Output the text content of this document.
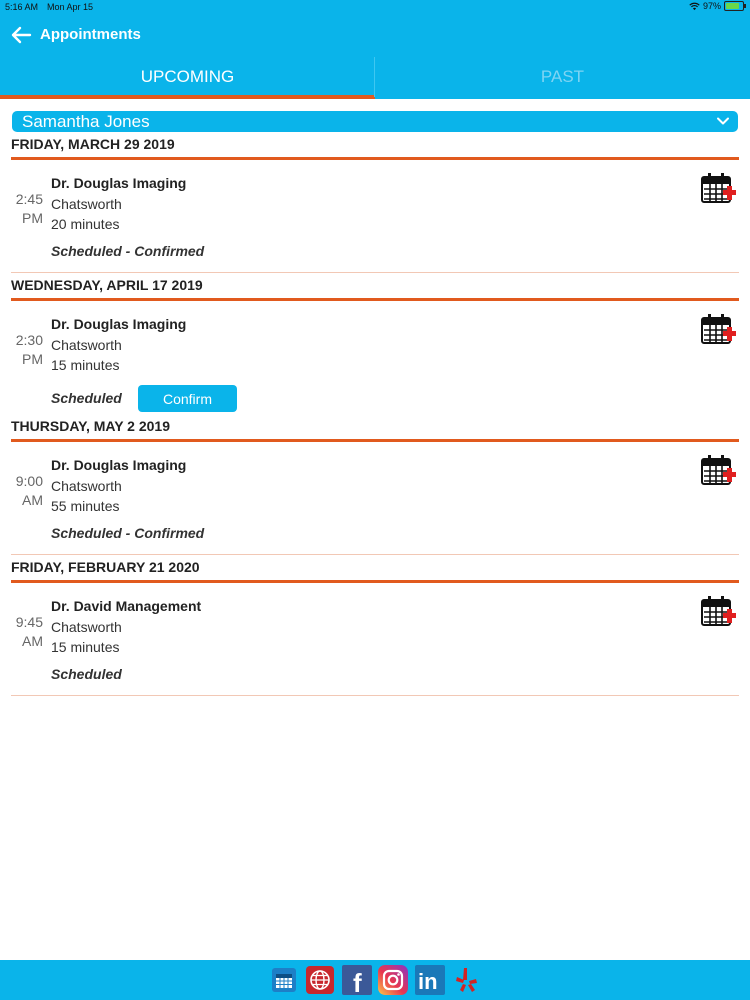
5:16 AM Mon Apr 15	97%
Appointments
UPCOMING	PAST
Samantha Jones
FRIDAY, MARCH 29 2019
2:45
PM
Dr. Douglas Imaging
Chatsworth
20 minutes
Scheduled - Confirmed
WEDNESDAY, APRIL 17 2019
2:30
PM
Dr. Douglas Imaging
Chatsworth
15 minutes
Scheduled	Confirm
THURSDAY, MAY 2 2019
9:00
AM
Dr. Douglas Imaging
Chatsworth
55 minutes
Scheduled - Confirmed
FRIDAY, FEBRUARY 21 2020
9:45
AM
Dr. David Management
Chatsworth
15 minutes
Scheduled
f	in
